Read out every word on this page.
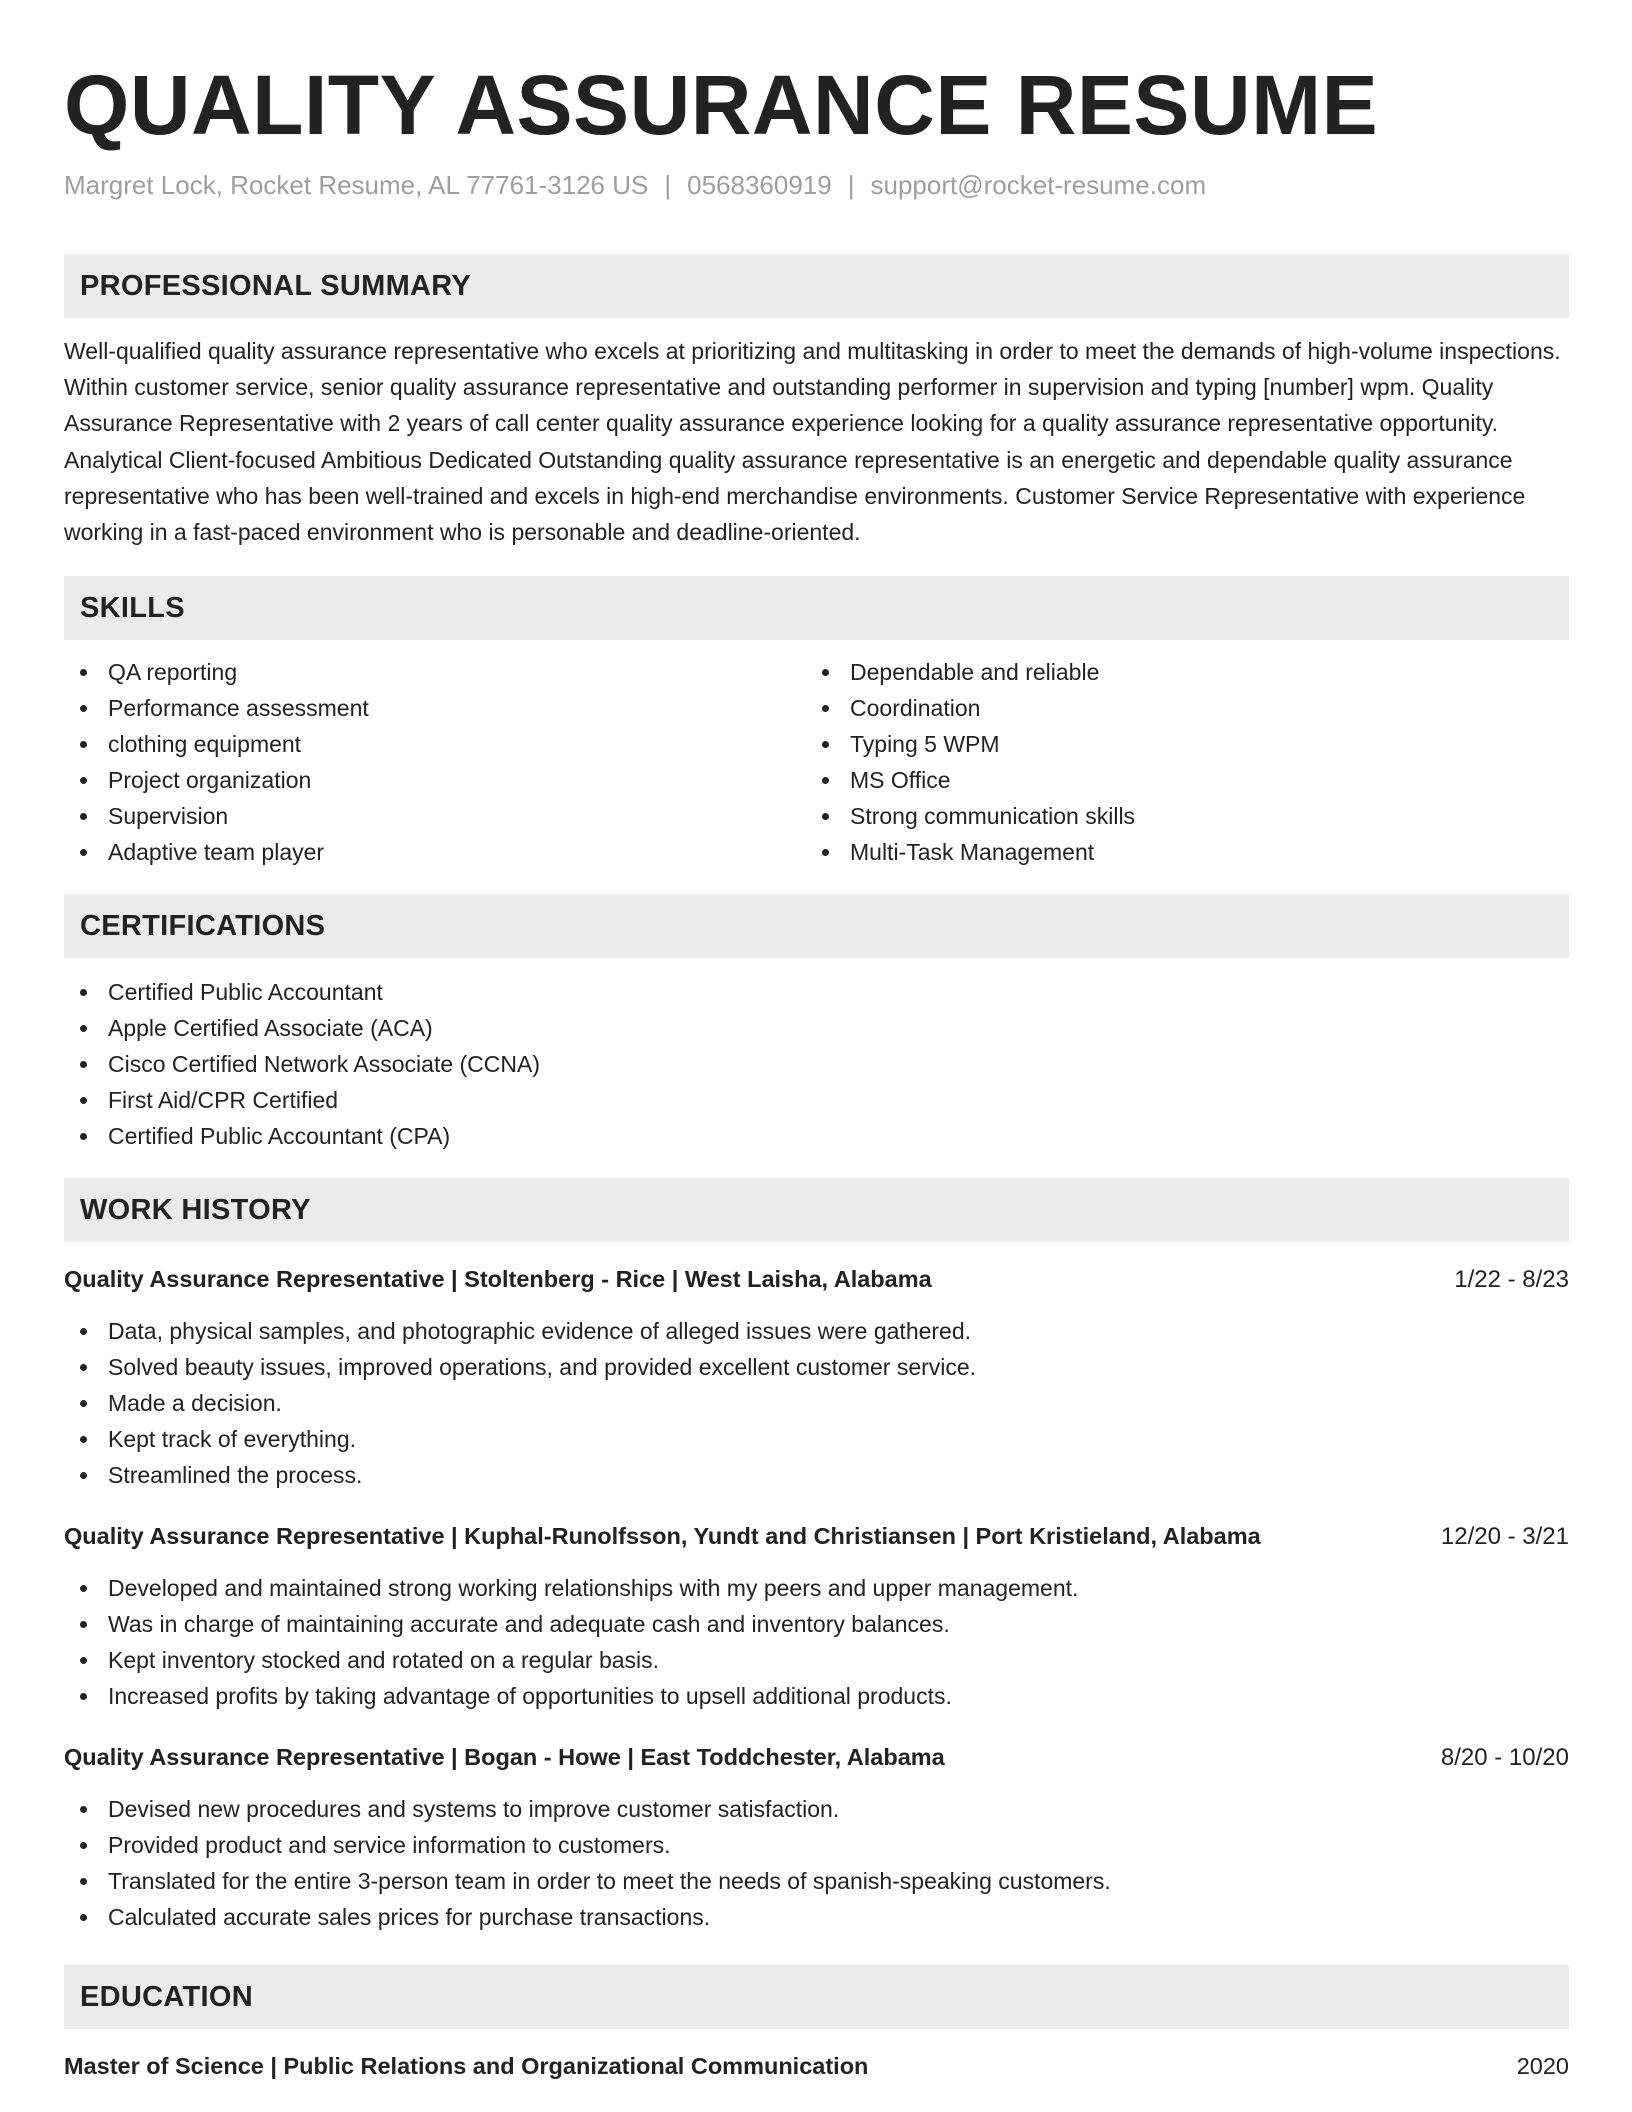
QUALITY ASSURANCE RESUME
Margret Lock, Rocket Resume, AL 77761-3126 US | 0568360919 | support@rocket-resume.com
PROFESSIONAL SUMMARY

Well-qualified quality assurance representative who excels at prioritizing and multitasking in order to meet the demands of high-volume inspections. Within customer service, senior quality assurance representative and outstanding performer in supervision and typing [number] wpm. Quality Assurance Representative with 2 years of call center quality assurance experience looking for a quality assurance representative opportunity. Analytical Client-focused Ambitious Dedicated Outstanding quality assurance representative is an energetic and dependable quality assurance representative who has been well-trained and excels in high-end merchandise environments. Customer Service Representative with experience working in a fast-paced environment who is personable and deadline-oriented.

SKILLS
QA reporting
Performance assessment
clothing equipment
Project organization
Supervision
Adaptive team player
Dependable and reliable
Coordination
Typing 5 WPM
MS Office
Strong communication skills
Multi-Task Management
CERTIFICATIONS
Certified Public Accountant
Apple Certified Associate (ACA)
Cisco Certified Network Associate (CCNA)
First Aid/CPR Certified
Certified Public Accountant (CPA)
WORK HISTORY
Quality Assurance Representative | Stoltenberg - Rice | West Laisha, Alabama	1/22 - 8/23
Data, physical samples, and photographic evidence of alleged issues were gathered.
Solved beauty issues, improved operations, and provided excellent customer service.
Made a decision.
Kept track of everything.
Streamlined the process.
Quality Assurance Representative | Kuphal-Runolfsson, Yundt and Christiansen | Port Kristieland, Alabama	12/20 - 3/21
Developed and maintained strong working relationships with my peers and upper management.
Was in charge of maintaining accurate and adequate cash and inventory balances.
Kept inventory stocked and rotated on a regular basis.
Increased profits by taking advantage of opportunities to upsell additional products.
Quality Assurance Representative | Bogan - Howe | East Toddchester, Alabama	8/20 - 10/20
Devised new procedures and systems to improve customer satisfaction.
Provided product and service information to customers.
Translated for the entire 3-person team in order to meet the needs of spanish-speaking customers.
Calculated accurate sales prices for purchase transactions.
EDUCATION
Master of Science | Public Relations and Organizational Communication	2020
